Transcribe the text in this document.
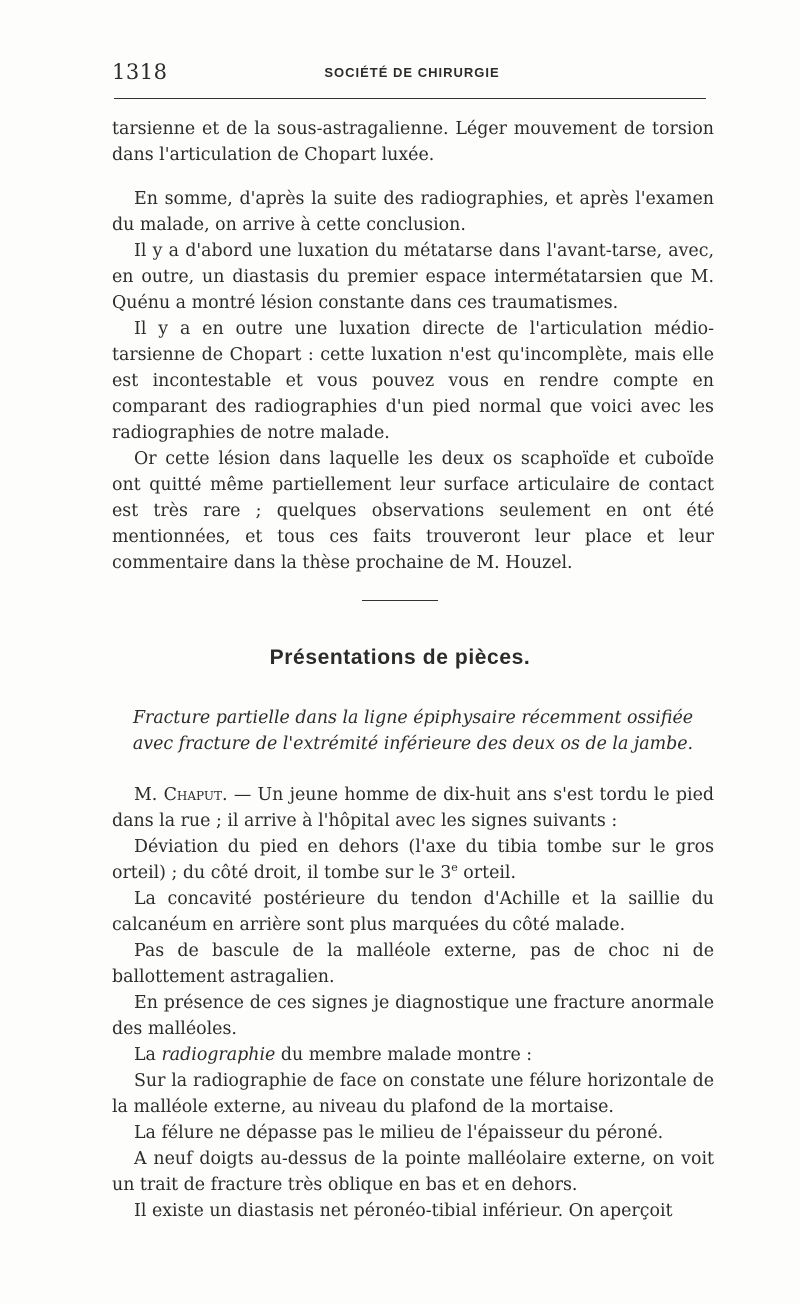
1318	SOCIÉTÉ DE CHIRURGIE

tarsienne et de la sous-astragalienne. Léger mouvement de torsion dans l'articulation de Chopart luxée.

En somme, d'après la suite des radiographies, et après l'examen du malade, on arrive à cette conclusion.

Il y a d'abord une luxation du métatarse dans l'avant-tarse, avec, en outre, un diastasis du premier espace intermétatarsien que M. Quénu a montré lésion constante dans ces traumatismes.

Il y a en outre une luxation directe de l'articulation médio-tarsienne de Chopart : cette luxation n'est qu'incomplète, mais elle est incontestable et vous pouvez vous en rendre compte en comparant des radiographies d'un pied normal que voici avec les radiographies de notre malade.

Or cette lésion dans laquelle les deux os scaphoïde et cuboïde ont quitté même partiellement leur surface articulaire de contact est très rare ; quelques observations seulement en ont été mentionnées, et tous ces faits trouveront leur place et leur commentaire dans la thèse prochaine de M. Houzel.

Présentations de pièces.
Fracture partielle dans la ligne épiphysaire récemment ossifiée
avec fracture de l'extrémité inférieure des deux os de la jambe.

M. Chaput. — Un jeune homme de dix-huit ans s'est tordu le pied dans la rue ; il arrive à l'hôpital avec les signes suivants :

Déviation du pied en dehors (l'axe du tibia tombe sur le gros orteil) ; du côté droit, il tombe sur le 3e orteil.

La concavité postérieure du tendon d'Achille et la saillie du calcanéum en arrière sont plus marquées du côté malade.

Pas de bascule de la malléole externe, pas de choc ni de ballottement astragalien.

En présence de ces signes je diagnostique une fracture anormale des malléoles.

La radiographie du membre malade montre :

Sur la radiographie de face on constate une félure horizontale de la malléole externe, au niveau du plafond de la mortaise.

La félure ne dépasse pas le milieu de l'épaisseur du péroné.

A neuf doigts au-dessus de la pointe malléolaire externe, on voit un trait de fracture très oblique en bas et en dehors.

Il existe un diastasis net péronéo-tibial inférieur. On aperçoit
